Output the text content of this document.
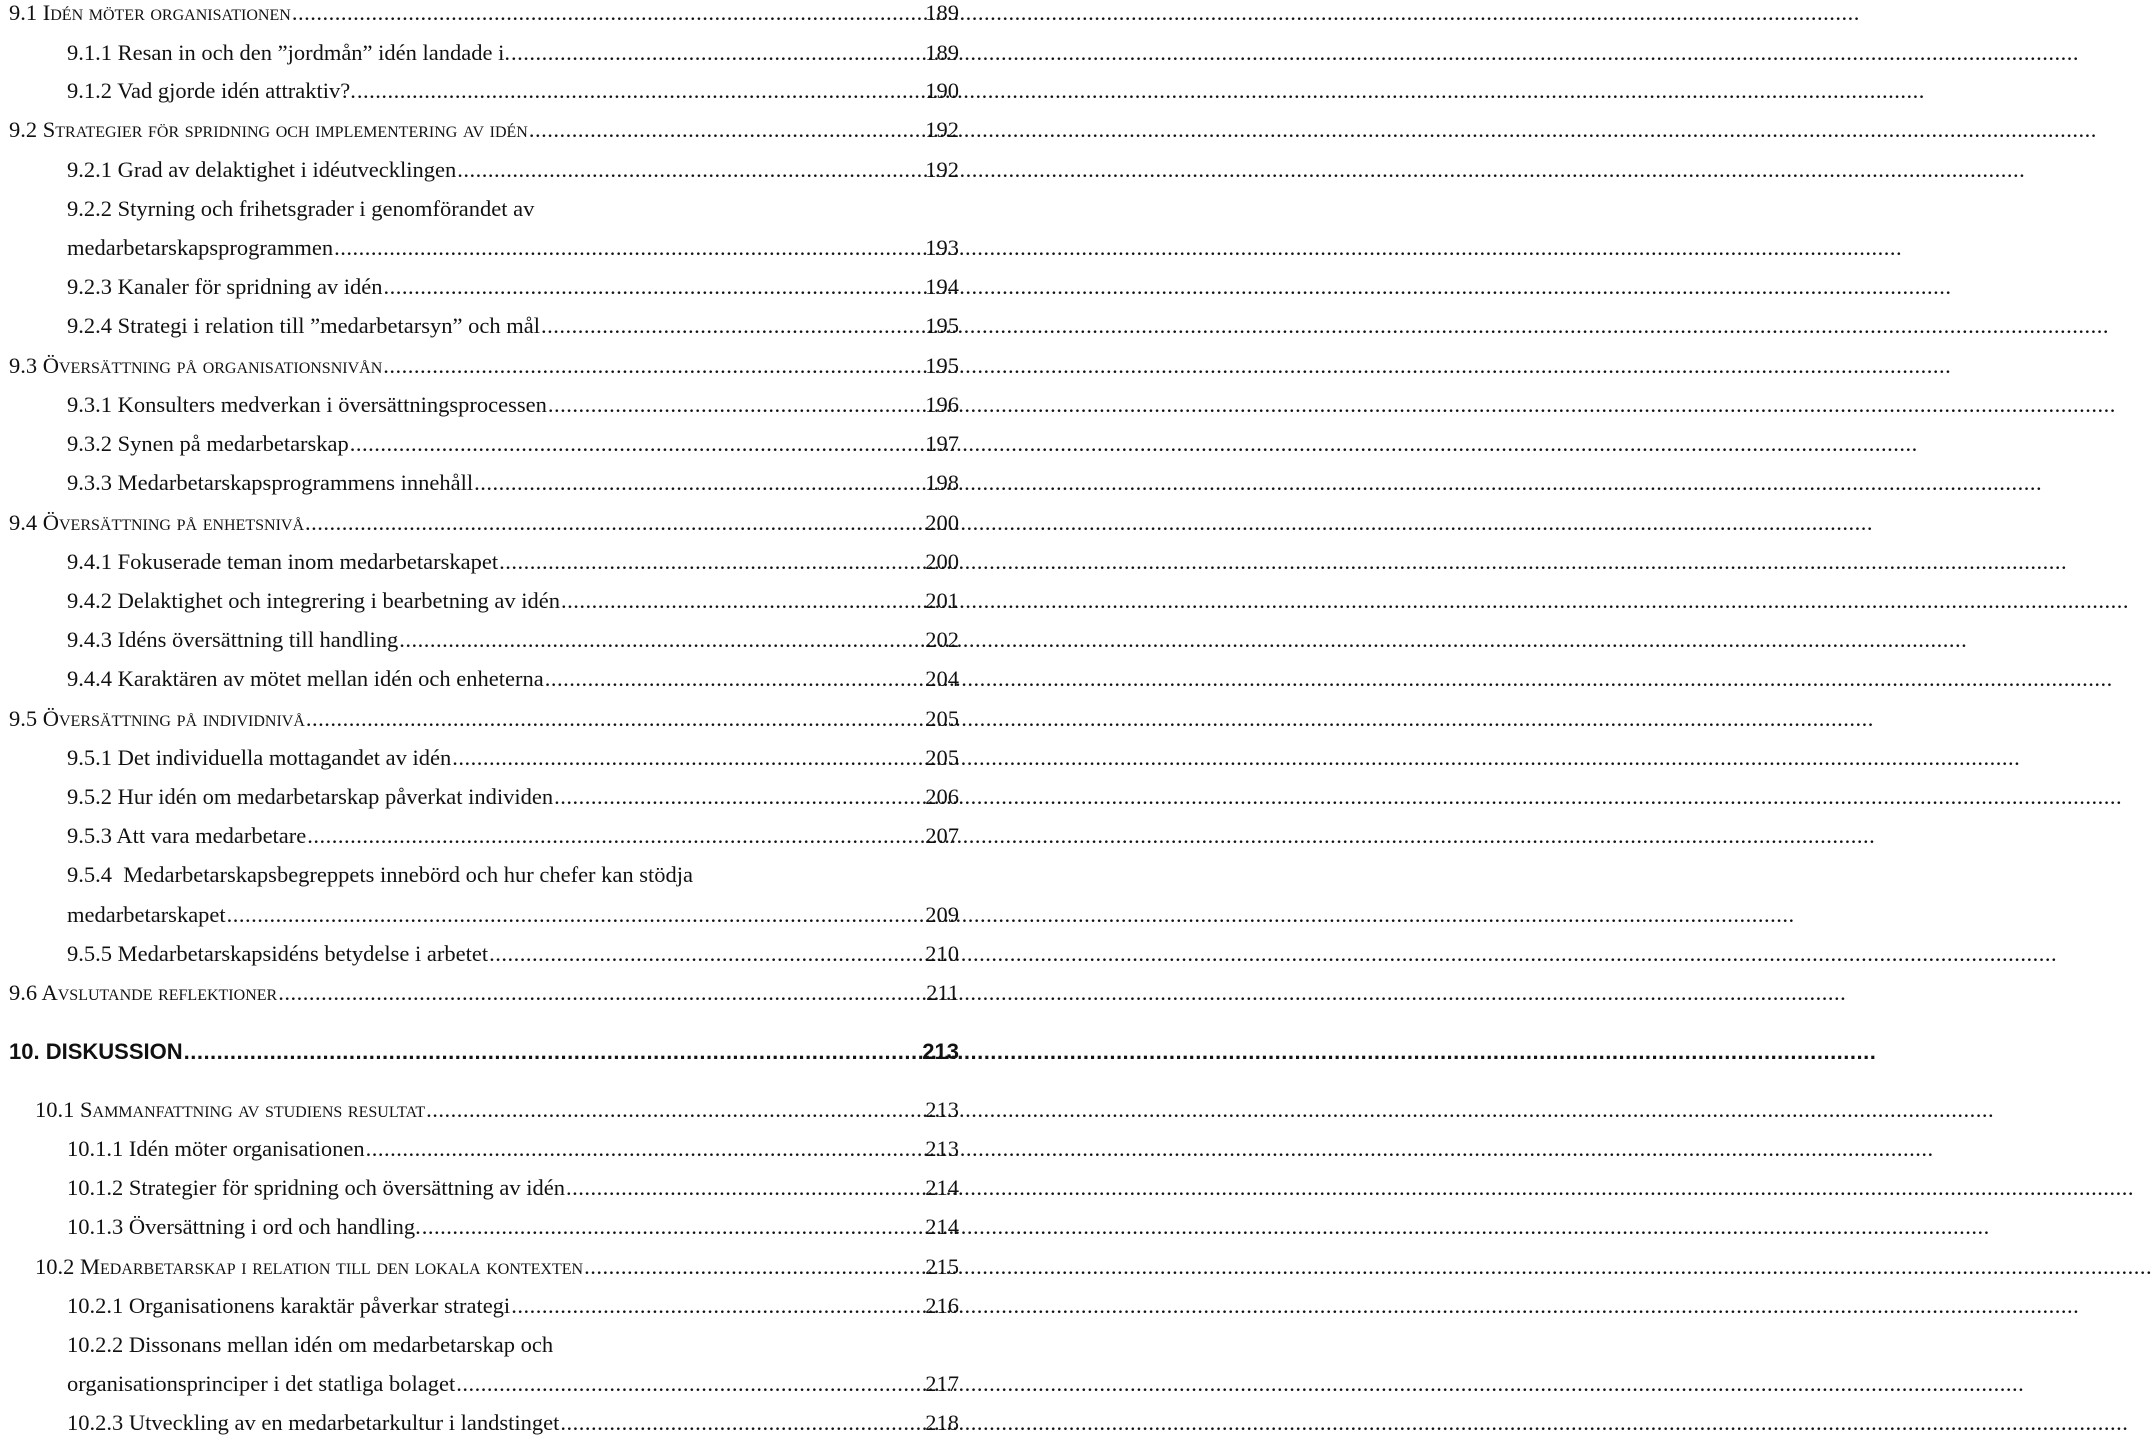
9.1 Idén möter organisationen .....	189
9.1.1 Resan in och den ”jordmån” idén landade i. .....	189
9.1.2 Vad gjorde idén attraktiv?. .....	190
9.2 Strategier för spridning och implementering av idén .....	192
9.2.1 Grad av delaktighet i idéutvecklingen .....	192
9.2.2 Styrning och frihetsgrader i genomförandet av
medarbetarskapsprogrammen .....	193
9.2.3 Kanaler för spridning av idén .....	194
9.2.4 Strategi i relation till ”medarbetarsyn” och mål .....	195
9.3 Översättning på organisationsnivån .....	195
9.3.1 Konsulters medverkan i översättningsprocessen .....	196
9.3.2 Synen på medarbetarskap .....	197
9.3.3 Medarbetarskapsprogrammens innehåll .....	198
9.4 Översättning på enhetsnivå .....	200
9.4.1 Fokuserade teman inom medarbetarskapet .....	200
9.4.2 Delaktighet och integrering i bearbetning av idén .....	201
9.4.3 Idéns översättning till handling .....	202
9.4.4 Karaktären av mötet mellan idén och enheterna .....	204
9.5 Översättning på individnivå .....	205
9.5.1 Det individuella mottagandet av idén .....	205
9.5.2 Hur idén om medarbetarskap påverkat individen .....	206
9.5.3 Att vara medarbetare .....	207
9.5.4  Medarbetarskapsbegreppets innebörd och hur chefer kan stödja
medarbetarskapet .....	209
9.5.5 Medarbetarskapsidéns betydelse i arbetet .....	210
9.6 Avslutande reflektioner .....	211
10. DISKUSSION .....	213
10.1 Sammanfattning av studiens resultat .....	213
10.1.1 Idén möter organisationen .....	213
10.1.2 Strategier för spridning och översättning av idén .....	214
10.1.3 Översättning i ord och handling. .....	214
10.2 Medarbetarskap i relation till den lokala kontexten .....	215
10.2.1 Organisationens karaktär påverkar strategi .....	216
10.2.2 Dissonans mellan idén om medarbetarskap och
organisationsprinciper i det statliga bolaget .....	217
10.2.3 Utveckling av en medarbetarkultur i landstinget .....	218
